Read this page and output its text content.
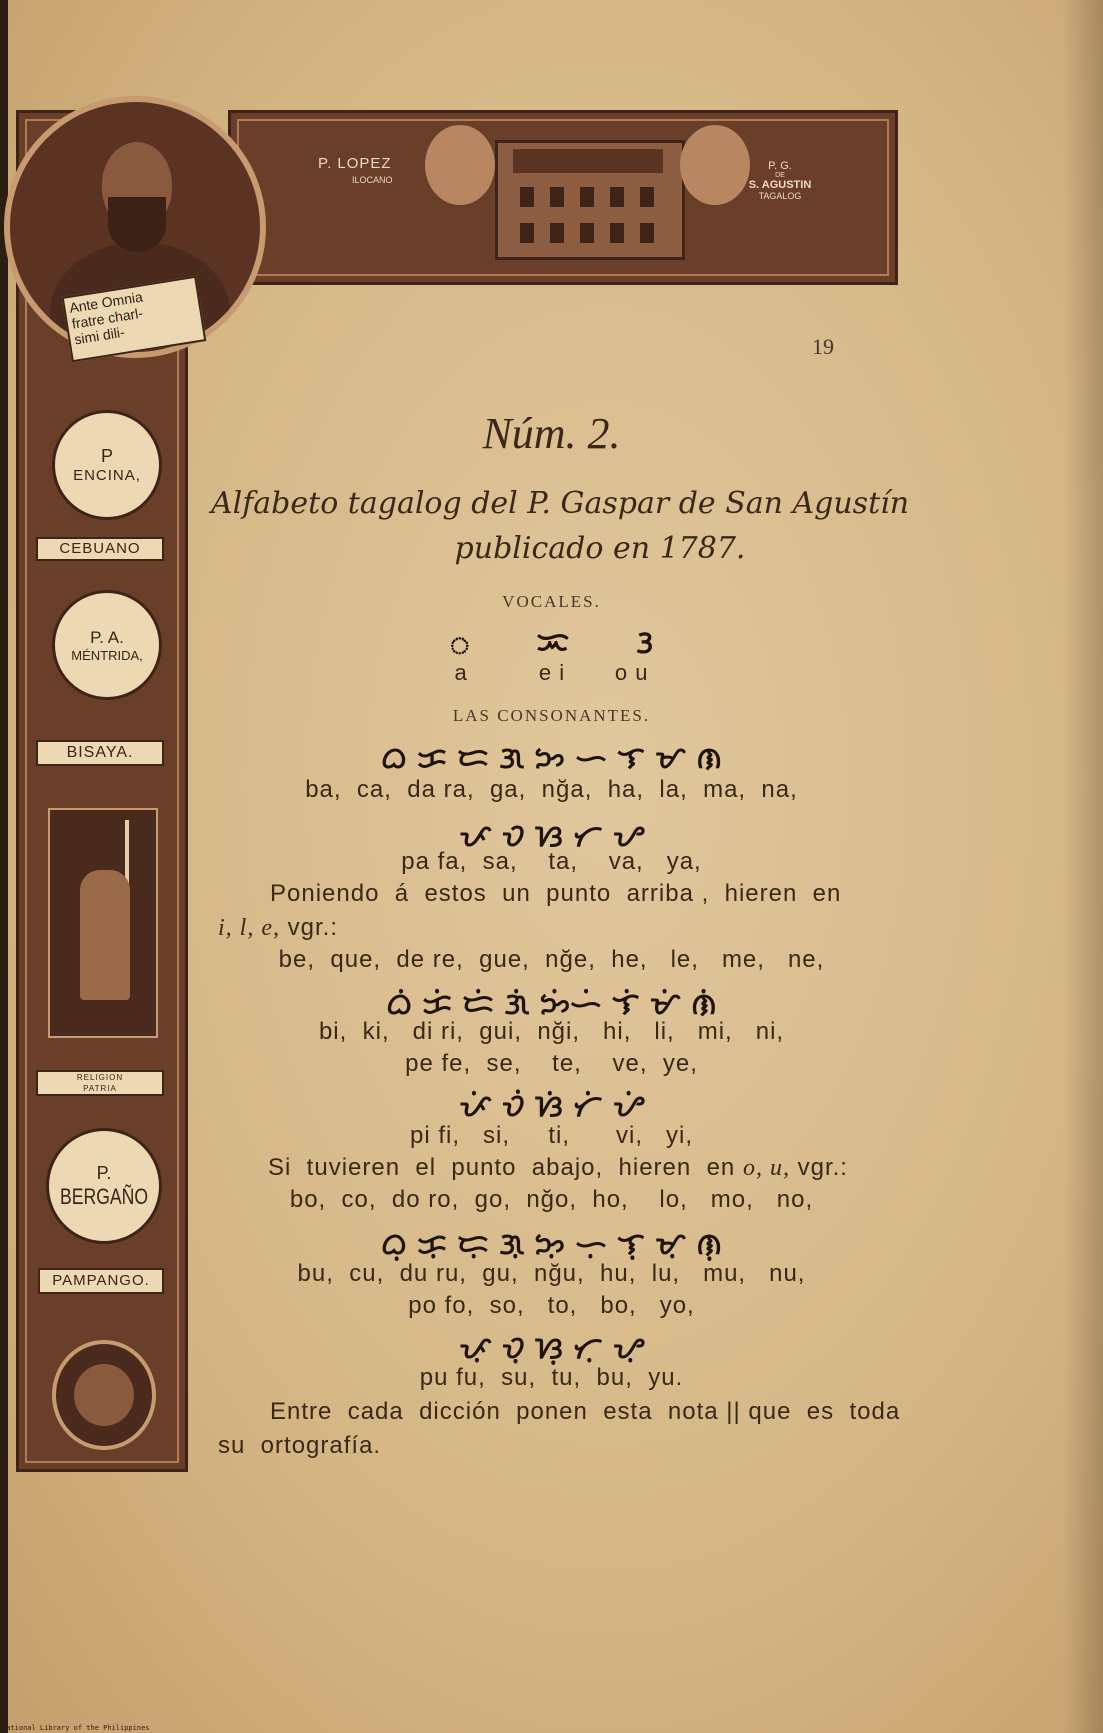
P. LOPEZ
ILOCANO
P. G.
DE
S. AGUSTIN
TAGALOG
Ante Omnia
fratre charl-
simi dili-
P
ENCINA,
CEBUANO
P. A.
MÉNTRIDA,
BISAYA.
RELIGION
PATRIA
P.
BERGAÑO
PAMPANGO.
19
Núm. 2.
Alfabeto tagalog del P. Gaspar de San Agustín
publicado en 1787.
VOCALES.
ᜀ      ᜁ      ᜂ
a          e i       o u
LAS CONSONANTES.
ᜊ ᜃ ᜇ ᜄ ᜅ ᜑ ᜎ ᜋ ᜈ
ba,  ca,  da ra,  ga,  nğa,  ha,  la,  ma,  na,
ᜉ ᜏ ᜐ ᜆ ᜌ
pa fa,  sa,    ta,    va,   ya,
Poniendo  á  estos  un  punto  arriba ,  hieren  en
i, l, e, vgr.:
be,  que,  de re,  gue,  nğe,  he,   le,   me,   ne,
ᜊᜒ ᜃᜒ ᜇᜒ ᜄᜒ ᜅᜒᜑᜒ ᜎᜒ ᜋᜒ ᜈᜒ
bi,  ki,   di ri,  gui,  nği,   hi,   li,   mi,   ni,
pe fe,  se,    te,    ve,  ye,
ᜉᜒ ᜏᜒ ᜐᜒ ᜆᜒ ᜌᜒ
pi fi,   si,     ti,      vi,   yi,
Si  tuvieren  el  punto  abajo,  hieren  en o, u, vgr.:
bo,  co,  do ro,  go,  nğo,  ho,    lo,   mo,   no,
ᜊᜓ ᜃᜓ ᜇᜓ ᜄᜓ ᜅᜓ ᜑᜓ ᜎᜓ ᜋᜓ ᜈᜓ
bu,  cu,  du ru,  gu,  nğu,  hu,  lu,   mu,   nu,
po fo,  so,   to,   bo,   yo,
ᜉᜓ ᜏᜓ ᜐᜓ ᜆᜓ ᜌᜓ
pu fu,  su,  tu,  bu,  yu.
Entre  cada  dicción  ponen  esta  nota || que  es  toda
su  ortografía.
National Library of the Philippines
